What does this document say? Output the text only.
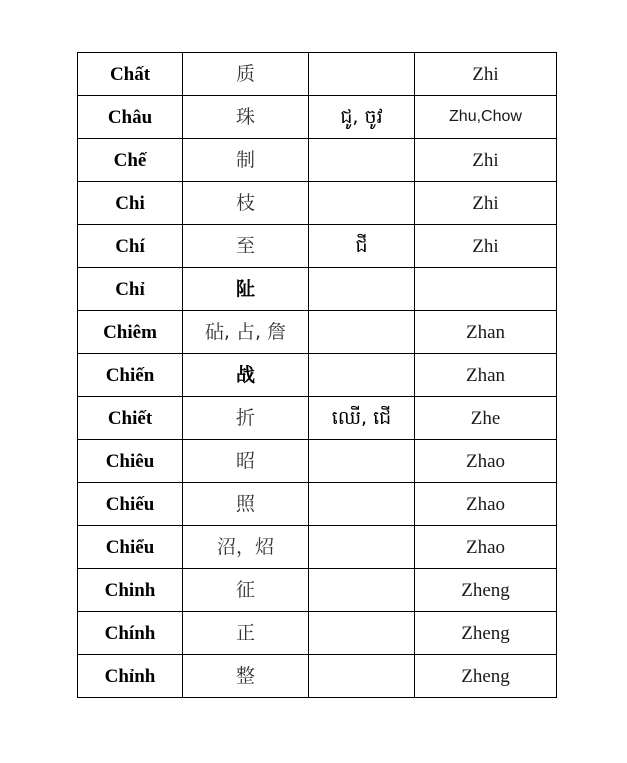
Chất	质		Zhi
Châu	珠	ជូ, ចូវ	Zhu,Chow
Chế	制		Zhi
Chi	枝		Zhi
Chí	至	ជី	Zhi
Chỉ	阯		
Chiêm	砧, 占, 詹		Zhan
Chiến	战		Zhan
Chiết	折	ឈើ, ជើ	Zhe
Chiêu	昭		Zhao
Chiếu	照		Zhao
Chiểu	沼，炤		Zhao
Chinh	征		Zheng
Chính	正		Zheng
Chỉnh	整		Zheng
